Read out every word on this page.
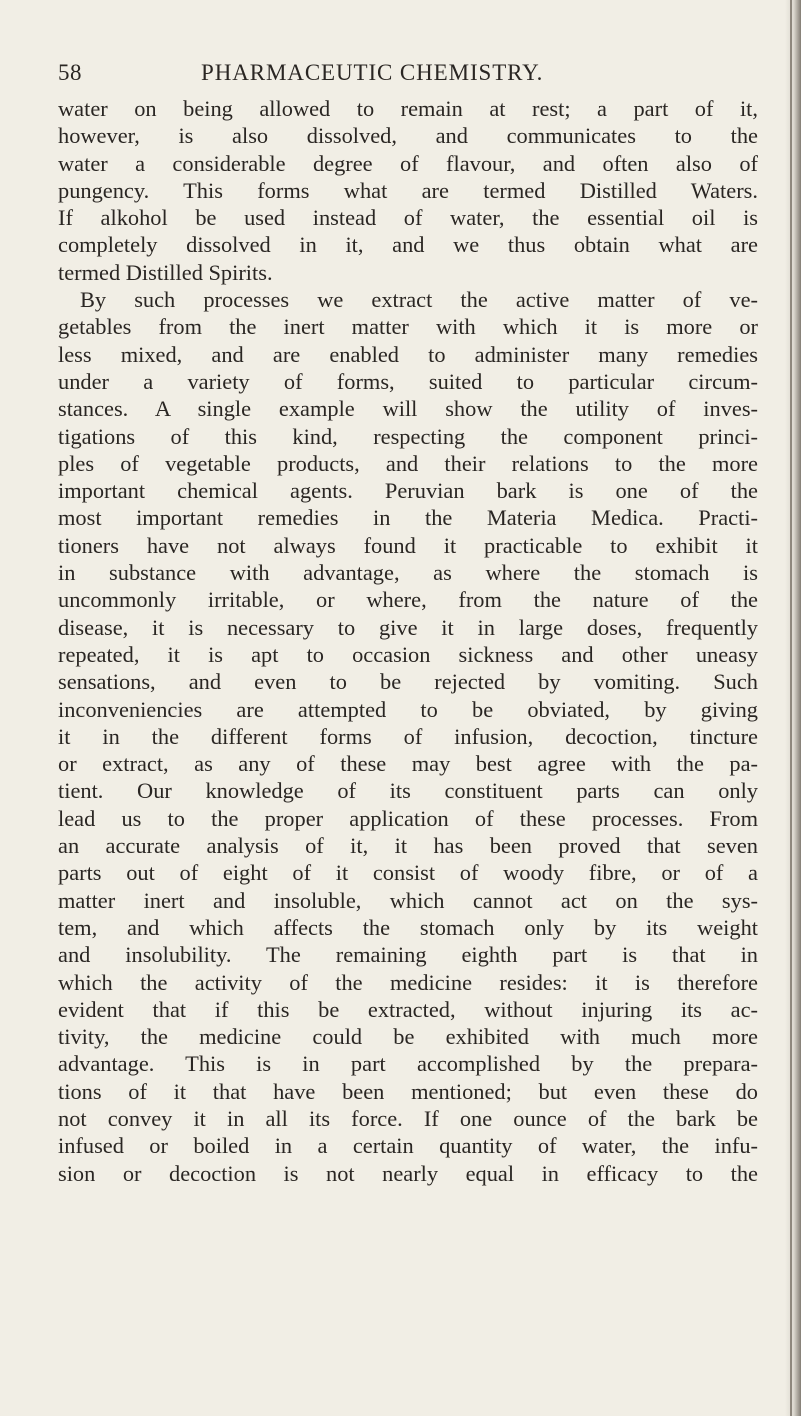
58	PHARMACEUTIC CHEMISTRY.
water on being allowed to remain at rest; a part of it,
however, is also dissolved, and communicates to the
water a considerable degree of flavour, and often also of
pungency. This forms what are termed Distilled Waters.
If alkohol be used instead of water, the essential oil is
completely dissolved in it, and we thus obtain what are
termed Distilled Spirits.
By such processes we extract the active matter of ve-
getables from the inert matter with which it is more or
less mixed, and are enabled to administer many remedies
under a variety of forms, suited to particular circum-
stances. A single example will show the utility of inves-
tigations of this kind, respecting the component princi-
ples of vegetable products, and their relations to the more
important chemical agents. Peruvian bark is one of the
most important remedies in the Materia Medica. Practi-
tioners have not always found it practicable to exhibit it
in substance with advantage, as where the stomach is
uncommonly irritable, or where, from the nature of the
disease, it is necessary to give it in large doses, frequently
repeated, it is apt to occasion sickness and other uneasy
sensations, and even to be rejected by vomiting. Such
inconveniencies are attempted to be obviated, by giving
it in the different forms of infusion, decoction, tincture
or extract, as any of these may best agree with the pa-
tient. Our knowledge of its constituent parts can only
lead us to the proper application of these processes. From
an accurate analysis of it, it has been proved that seven
parts out of eight of it consist of woody fibre, or of a
matter inert and insoluble, which cannot act on the sys-
tem, and which affects the stomach only by its weight
and insolubility. The remaining eighth part is that in
which the activity of the medicine resides: it is therefore
evident that if this be extracted, without injuring its ac-
tivity, the medicine could be exhibited with much more
advantage. This is in part accomplished by the prepara-
tions of it that have been mentioned; but even these do
not convey it in all its force. If one ounce of the bark be
infused or boiled in a certain quantity of water, the infu-
sion or decoction is not nearly equal in efficacy to the
